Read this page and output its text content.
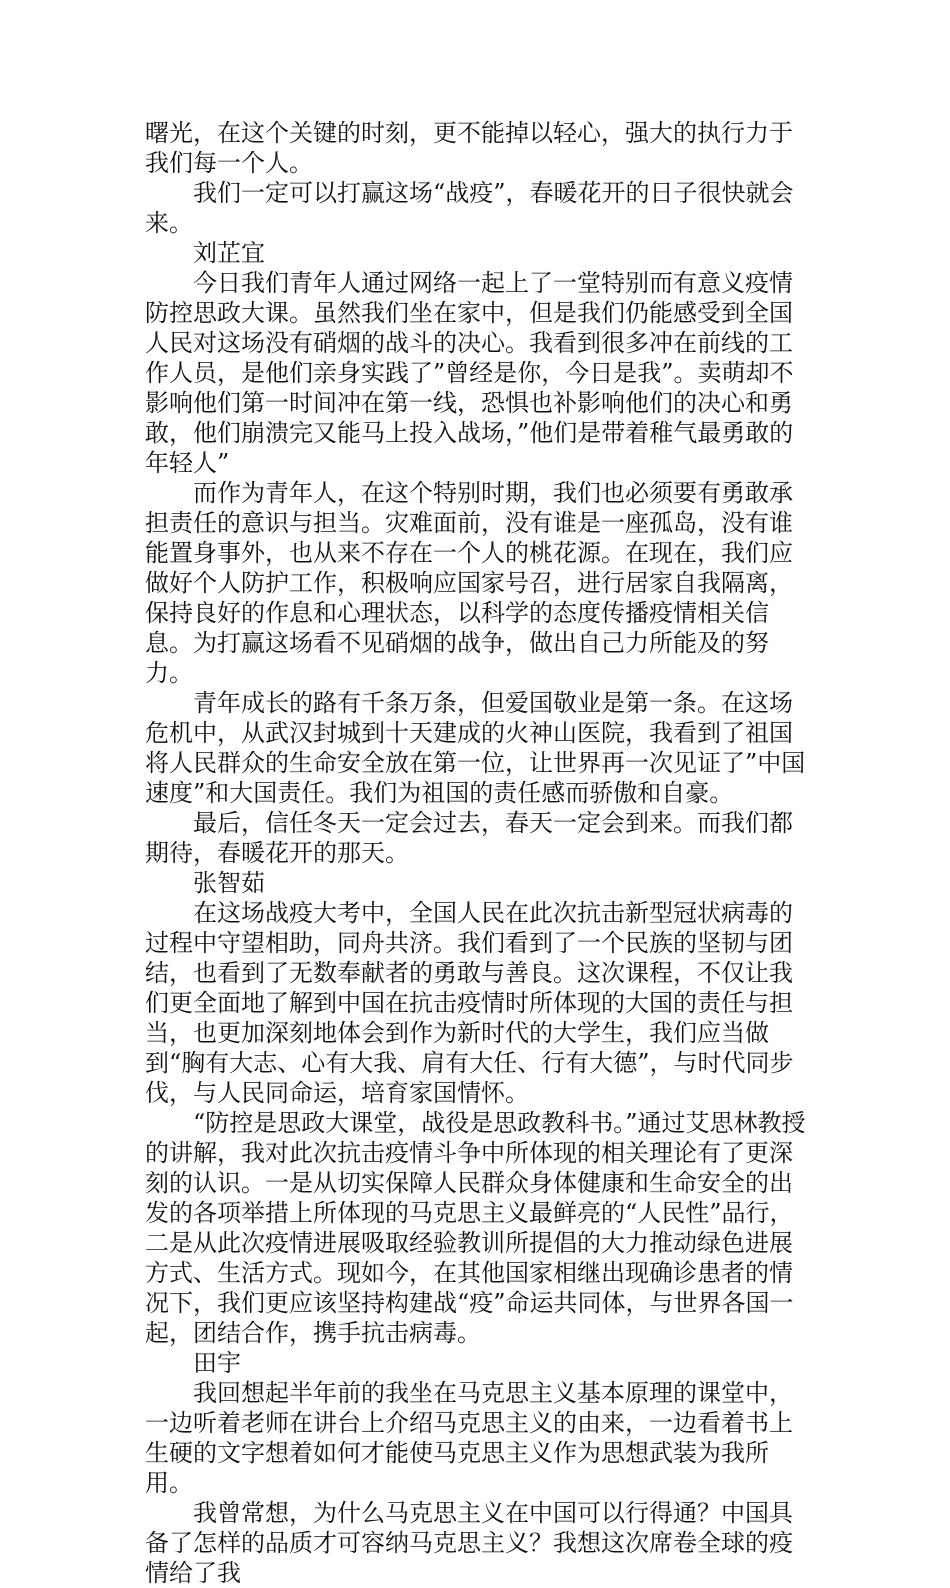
曙光，在这个关键的时刻，更不能掉以轻心，强大的执行力于我们每一个人。

我们一定可以打赢这场“战疫”，春暖花开的日子很快就会来。

刘芷宜

今日我们青年人通过网络一起上了一堂特别而有意义疫情防控思政大课。虽然我们坐在家中，但是我们仍能感受到全国人民对这场没有硝烟的战斗的决心。我看到很多冲在前线的工作人员，是他们亲身实践了”曾经是你，今日是我”。卖萌却不影响他们第一时间冲在第一线，恐惧也补影响他们的决心和勇敢，他们崩溃完又能马上投入战场，”他们是带着稚气最勇敢的年轻人”

而作为青年人，在这个特别时期，我们也必须要有勇敢承担责任的意识与担当。灾难面前，没有谁是一座孤岛，没有谁能置身事外，也从来不存在一个人的桃花源。在现在，我们应做好个人防护工作，积极响应国家号召，进行居家自我隔离，保持良好的作息和心理状态，以科学的态度传播疫情相关信息。为打赢这场看不见硝烟的战争，做出自己力所能及的努力。

青年成长的路有千条万条，但爱国敬业是第一条。在这场危机中，从武汉封城到十天建成的火神山医院，我看到了祖国将人民群众的生命安全放在第一位，让世界再一次见证了”中国速度”和大国责任。我们为祖国的责任感而骄傲和自豪。

最后，信任冬天一定会过去，春天一定会到来。而我们都期待，春暖花开的那天。

张智茹

在这场战疫大考中，全国人民在此次抗击新型冠状病毒的过程中守望相助，同舟共济。我们看到了一个民族的坚韧与团结，也看到了无数奉献者的勇敢与善良。这次课程，不仅让我们更全面地了解到中国在抗击疫情时所体现的大国的责任与担当，也更加深刻地体会到作为新时代的大学生，我们应当做到“胸有大志、心有大我、肩有大任、行有大德”，与时代同步伐，与人民同命运，培育家国情怀。

“防控是思政大课堂，战役是思政教科书。”通过艾思林教授的讲解，我对此次抗击疫情斗争中所体现的相关理论有了更深刻的认识。一是从切实保障人民群众身体健康和生命安全的出发的各项举措上所体现的马克思主义最鲜亮的“人民性”品行，二是从此次疫情进展吸取经验教训所提倡的大力推动绿色进展方式、生活方式。现如今，在其他国家相继出现确诊患者的情况下，我们更应该坚持构建战“疫”命运共同体，与世界各国一起，团结合作，携手抗击病毒。

田宇

我回想起半年前的我坐在马克思主义基本原理的课堂中，一边听着老师在讲台上介绍马克思主义的由来，一边看着书上生硬的文字想着如何才能使马克思主义作为思想武装为我所用。

我曾常想，为什么马克思主义在中国可以行得通？中国具备了怎样的品质才可容纳马克思主义？我想这次席卷全球的疫情给了我
